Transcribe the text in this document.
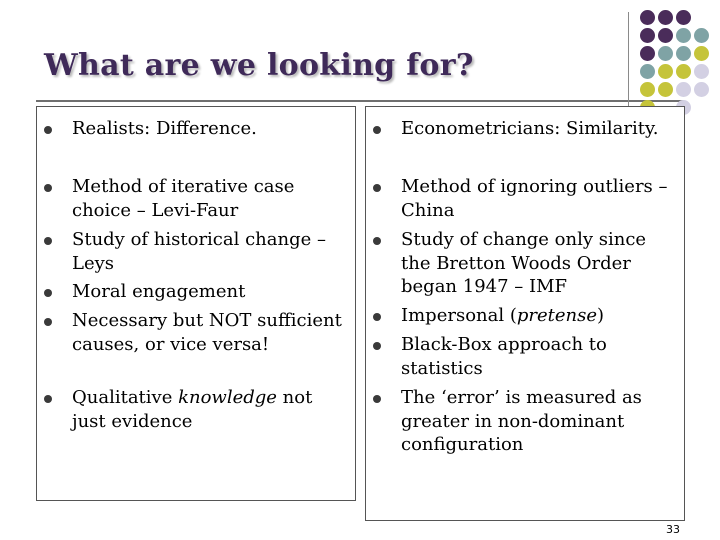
What are we looking for?
Realists: Difference.
Method of iterative case choice – Levi-Faur
Study of historical change – Leys
Moral engagement
Necessary but NOT sufficient causes, or vice versa!
Qualitative knowledge not just evidence
Econometricians: Similarity.
Method of ignoring outliers – China
Study of change only since the Bretton Woods Order began 1947 – IMF
Impersonal (pretense)
Black-Box approach to statistics
The ‘error’ is measured as greater in non-dominant configuration
33
